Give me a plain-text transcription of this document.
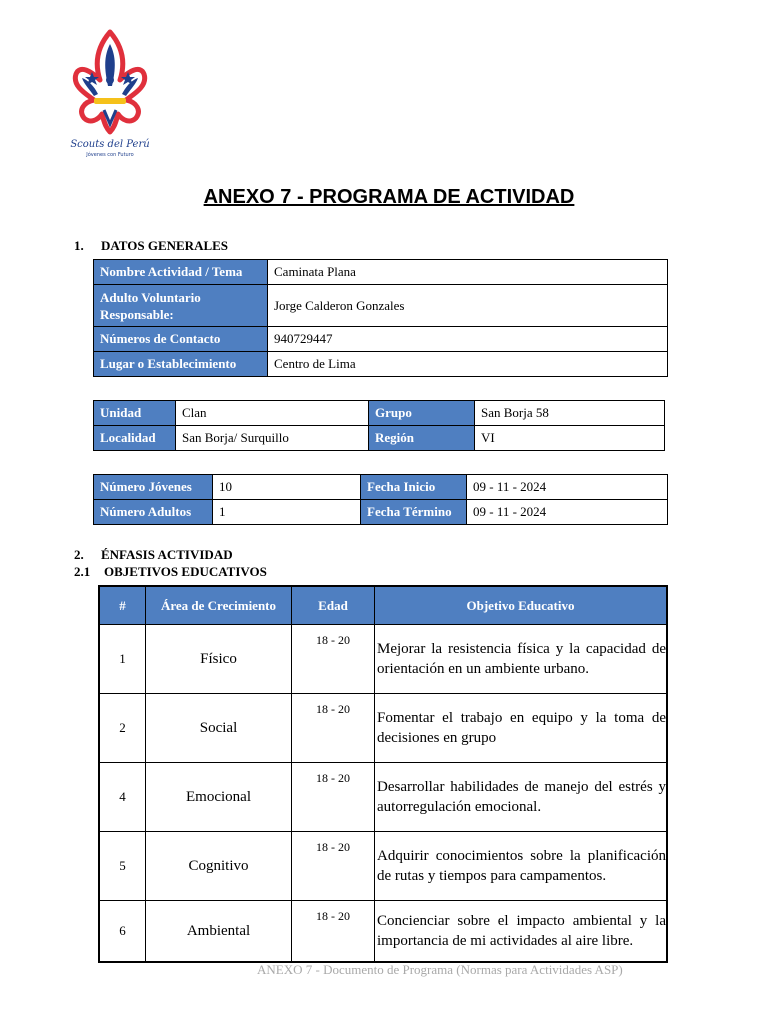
Scouts del Perú
Jóvenes con Futuro
ANEXO 7 - PROGRAMA DE ACTIVIDAD
1. DATOS GENERALES
Nombre Actividad / Tema	Caminata Plana
Adulto Voluntario Responsable:	Jorge Calderon Gonzales
Números de Contacto	940729447
Lugar o Establecimiento	Centro de Lima
Unidad	Clan	Grupo	San Borja 58
Localidad	San Borja/ Surquillo	Región	VI
Número Jóvenes	10	Fecha Inicio	09 - 11 - 2024
Número Adultos	1	Fecha Término	09 - 11 - 2024
2. ÉNFASIS ACTIVIDAD
2.1 OBJETIVOS EDUCATIVOS
#	Área de Crecimiento	Edad	Objetivo Educativo
1	Físico	18 - 20	Mejorar la resistencia física y la capacidad de orientación en un ambiente urbano.
2	Social	18 - 20	Fomentar el trabajo en equipo y la toma de decisiones en grupo
4	Emocional	18 - 20	Desarrollar habilidades de manejo del estrés y autorregulación emocional.
5	Cognitivo	18 - 20	Adquirir conocimientos sobre la planificación de rutas y tiempos para campamentos.
6	Ambiental	18 - 20	Concienciar sobre el impacto ambiental y la importancia de mi actividades al aire libre.
ANEXO 7 - Documento de Programa (Normas para Actividades ASP)
